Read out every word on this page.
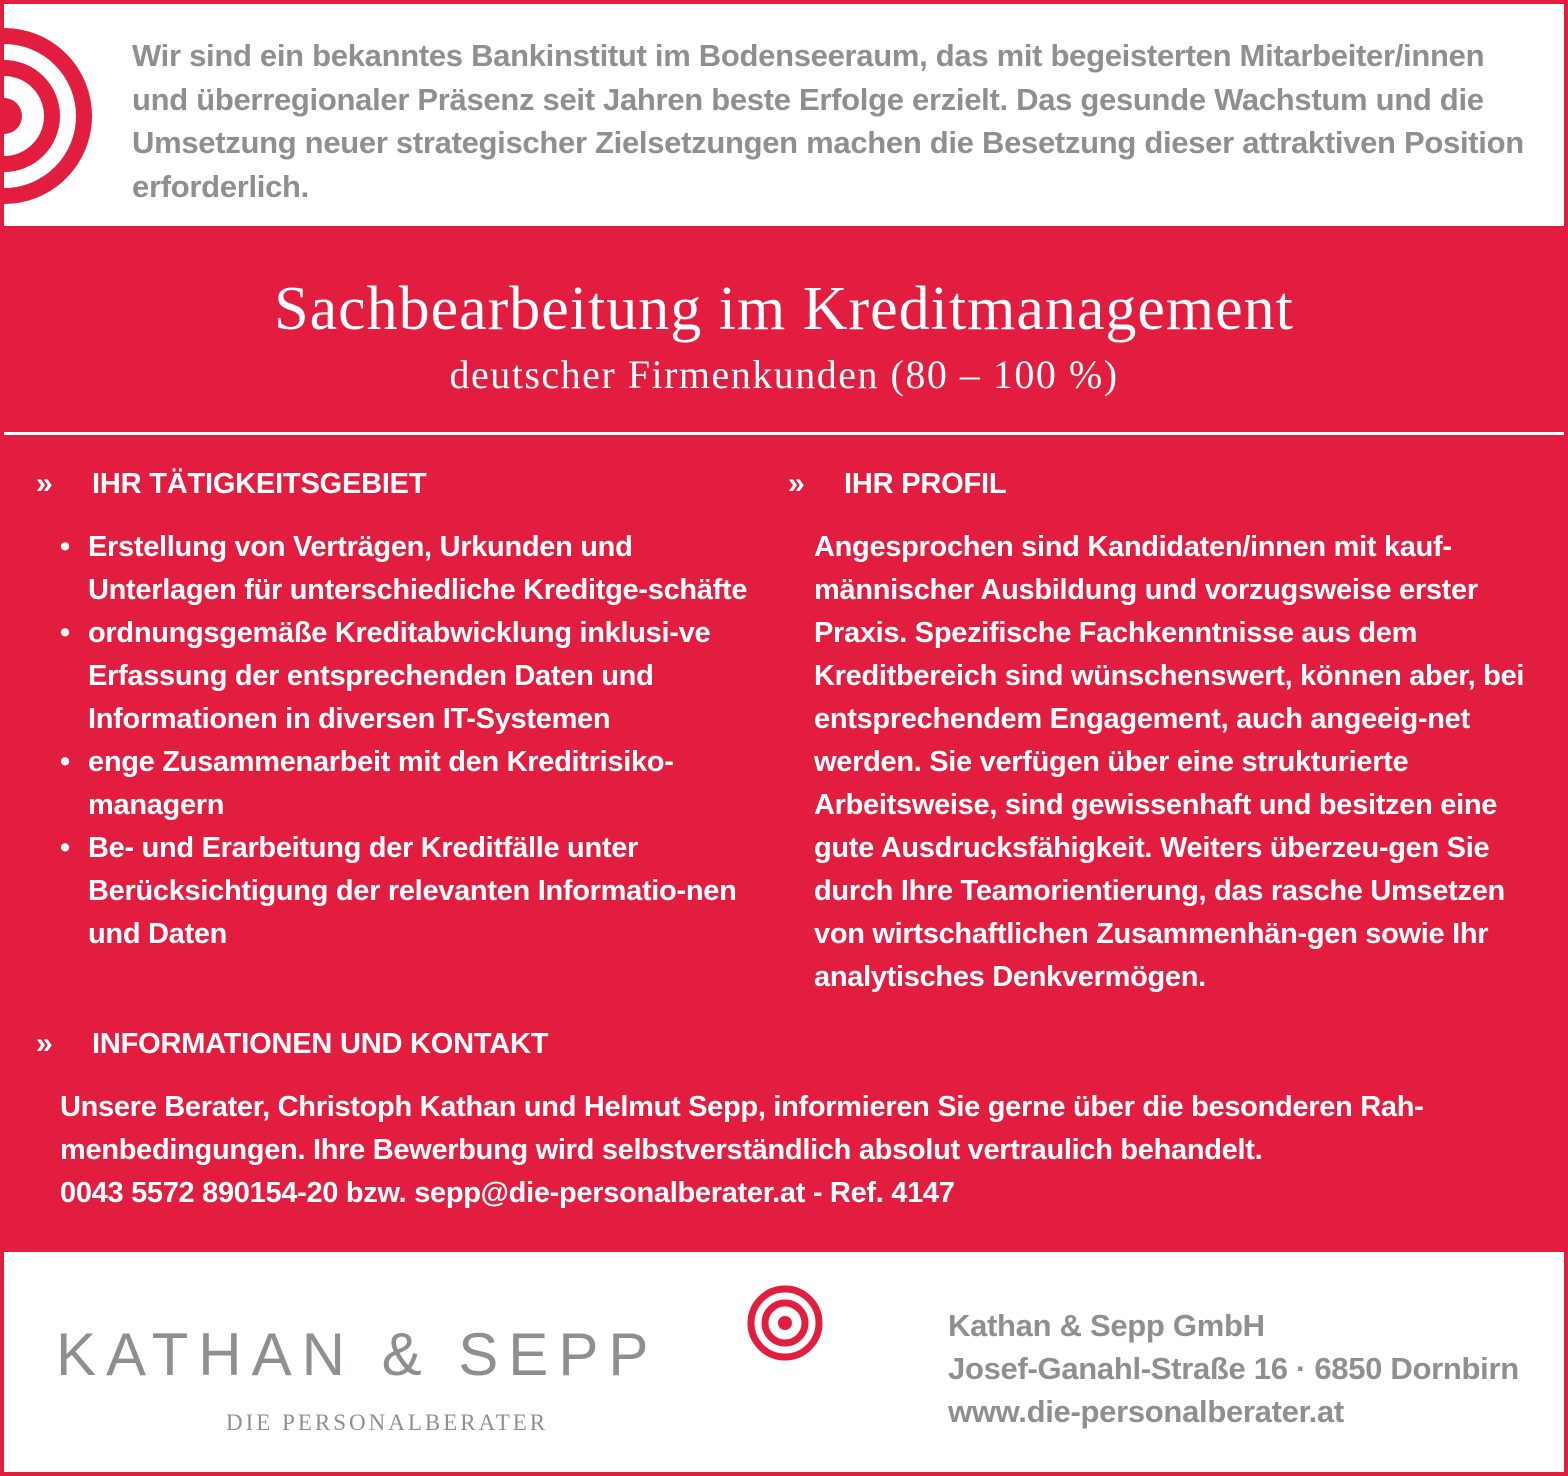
Wir sind ein bekanntes Bankinstitut im Bodenseeraum, das mit begeisterten Mitarbeiter/innen und überregionaler Präsenz seit Jahren beste Erfolge erzielt. Das gesunde Wachstum und die Umsetzung neuer strategischer Zielsetzungen machen die Besetzung dieser attraktiven Position erforderlich.

Sachbearbeitung im Kreditmanagement
deutscher Firmenkunden (80 – 100 %)
» IHR TÄTIGKEITSGEBIET
• Erstellung von Verträgen, Urkunden und Unterlagen für unterschiedliche Kreditge-schäfte
• ordnungsgemäße Kreditabwicklung inklusi-ve Erfassung der entsprechenden Daten und Informationen in diversen IT-Systemen
• enge Zusammenarbeit mit den Kreditrisiko-managern
• Be- und Erarbeitung der Kreditfälle unter Berücksichtigung der relevanten Informatio-nen und Daten
» IHR PROFIL

Angesprochen sind Kandidaten/innen mit kauf-männischer Ausbildung und vorzugsweise erster Praxis. Spezifische Fachkenntnisse aus dem Kreditbereich sind wünschenswert, können aber, bei entsprechendem Engagement, auch angeeig-net werden. Sie verfügen über eine strukturierte Arbeitsweise, sind gewissenhaft und besitzen eine gute Ausdrucksfähigkeit. Weiters überzeu-gen Sie durch Ihre Teamorientierung, das rasche Umsetzen von wirtschaftlichen Zusammenhän-gen sowie Ihr analytisches Denkvermögen.

» INFORMATIONEN UND KONTAKT

Unsere Berater, Christoph Kathan und Helmut Sepp, informieren Sie gerne über die besonderen Rah-menbedingungen. Ihre Bewerbung wird selbstverständlich absolut vertraulich behandelt.

0043 5572 890154-20 bzw. sepp@die-personalberater.at - Ref. 4147

KATHAN & SEPP
DIE PERSONALBERATER
Kathan & Sepp GmbH
Josef-Ganahl-Straße 16 · 6850 Dornbirn
www.die-personalberater.at
